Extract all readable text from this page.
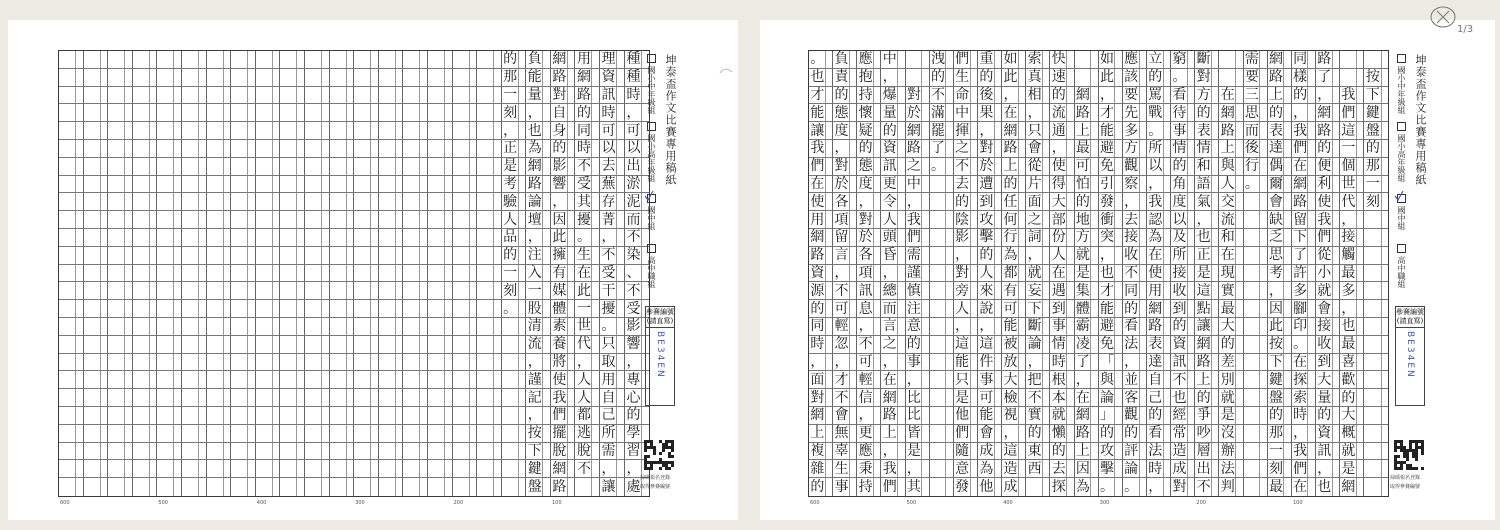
的 負 網 用 理 種
那 能 路 網 資 種
一 量 對 路 訊 時
刻 ， 自 的 時 ，
， 也 身 同 可 可
正 為 的 時 以 以
是 網 影 不 去 出
考 路 響 受 蕪 淤
驗 論 ， 其 存 泥
人 壇 因 擾 菁 而
品 ， 此 。 ， 不
的 注 擁 生 不 染
一 入 有 在 受 、
刻 一 媒 此 干 不
。 股 體 一 擾 受
清 素 世 。 影
流 養 代 只 響
， 將 ， 取 ，
謹 使 人 用 專
記 我 人 自 心
， 們 都 己 的
按 擺 逃 所 學
下 脫 脫 需 習
鍵 網 不 ， ，
盤 路	讓 處
。 負 應 中 洩 們 重 如 索 快 如 應 立 窮 斷 需 網 同 路
也 責 抱 ， 的 生 的 此 真 速 此 該 的 。 對 要 路 樣 了 按
才 的 持 爆 對 不 命 後 ， 相 的 網 ， 要 罵 看 方 在 三 上 的 ， 我 下
能 態 懷 量 於 滿 中 果 在 ， 流 路 才 先 戰 待 的 網 思 的 ， 網 們 鍵
讓 度 疑 的 網 罷 揮 ， 網 只 通 上 能 多 。 事 表 路 而 表 我 路 這 盤
我 ， 的 資 路 了 之 對 路 會 ， 最 避 方 所 情 情 上 後 達 們 的 一 的
們 對 態 訊 之 。 不 於 上 從 使 可 免 觀 以 的 和 與 行 偶 在 便 個 那
在 於 度 更 中 去 遭 的 片 得 怕 引 察 ， 角 語 人 。 爾 網 利 世 一
使 各 ， 令 ， 的 到 任 面 大 的 發 ， 我 度 氣 交 會 路 使 代 刻
用 項 對 人 我 陰 攻 何 之 部 地 衝 去 認 以 ， 流 缺 留 我 ，
網 留 於 頭 們 影 擊 行 詞 份 方 突 接 為 及 也 和 乏 下 們 接
路 言 各 昏 需 ， 的 為 ， 人 就 ， 收 在 所 正 在 思 了 從 觸
資 ， 項 ， 謹 對 人 都 就 在 是 也 不 使 接 是 現 考 許 小 最
源 不 訊 總 慎 旁 來 有 妄 遇 集 才 同 用 收 這 實 ， 多 就 多
的 可 息 而 注 人 說 可 下 到 體 能 的 網 到 點 最 因 腳 會 ，
同 輕 ， 言 意 ， ， 能 斷 事 霸 避 看 路 的 讓 大 此 印 接 也
時 忽 不 之 的 這 這 被 論 情 凌 免 法 表 資 網 的 按 。 收 最
， ， 可 ， 事 能 件 放 ， 時 了 「 ， 達 訊 路 差 下 在 到 喜
面 才 輕 在 ， 只 事 大 把 根 ， 與 並 自 不 上 別 鍵 探 大 歡
對 不 信 網 比 是 可 檢 不 本 在 論 客 己 也 的 就 盤 索 量 的
網 會 ， 路 比 他 能 視 實 就 網 」 觀 的 經 爭 是 的 時 的 大
上 無 更 上 皆 們 會 ， 的 懶 路 的 的 看 常 吵 沒 那 ， 資 概
複 辜 應 ， 是 隨 成 這 東 的 上 攻 評 法 造 層 辦 一 我 訊 就
雜 生 秉 我 ， 意 為 造 西 去 因 擊 論 時 成 出 法 刻 們 ， 是
的 事 持 們 其 發 他 成 探 為 。 。 ， 對 不 判 最 在 也 網
坤泰盃作文比賽專用稿紙
國小中年級組
國小高年級組
國中組
高中職組
參賽編號
(請直寫)
BE34EN
掃碼報名登錄
取得參賽編號
坤泰盃作文比賽專用稿紙
國小中年級組
國小高年級組
國中組
高中職組
參賽編號
(請直寫)
BE34EN
掃碼報名登錄
取得參賽編號
600	500	400	300	200	100	600	500	400	300	200	100
1/3
